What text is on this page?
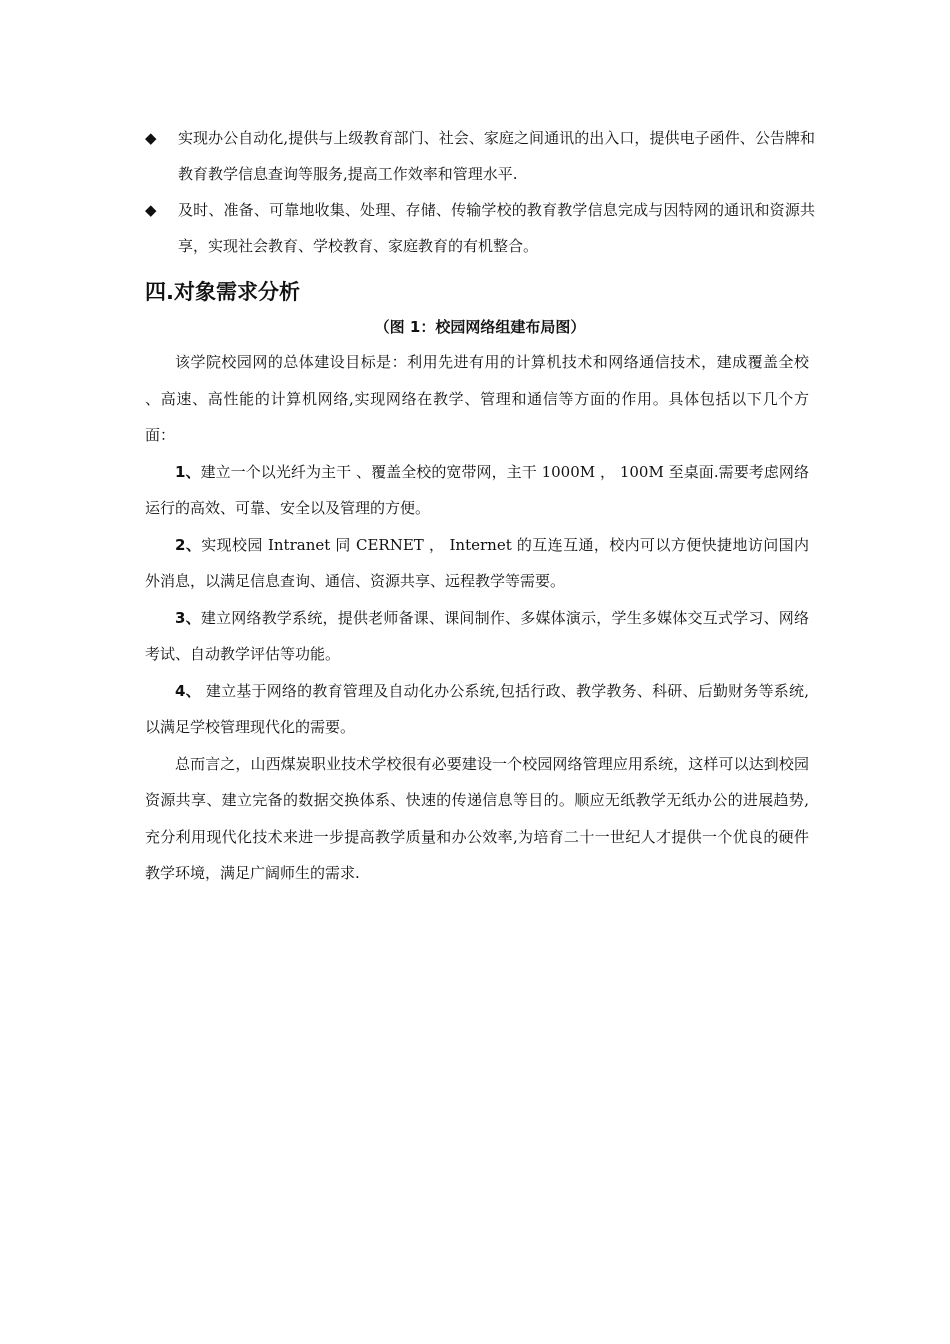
◆ 实现办公自动化,提供与上级教育部门、社会、家庭之间通讯的出入口，提供电子函件、公告牌和教育教学信息查询等服务,提高工作效率和管理水平.
◆ 及时、准备、可靠地收集、处理、存储、传输学校的教育教学信息完成与因特网的通讯和资源共享，实现社会教育、学校教育、家庭教育的有机整合。
四.对象需求分析
（图 1：校园网络组建布局图）
该学院校园网的总体建设目标是：利用先进有用的计算机技术和网络通信技术，建成覆盖全校 、高速、高性能的计算机网络,实现网络在教学、管理和通信等方面的作用。具体包括以下几个方面：
1、建立一个以光纤为主干 、覆盖全校的宽带网，主干 1000M ， 100M 至桌面.需要考虑网络运行的高效、可靠、安全以及管理的方便。
2、实现校园 Intranet 同 CERNET ， Internet 的互连互通，校内可以方便快捷地访问国内外消息，以满足信息查询、通信、资源共享、远程教学等需要。
3、建立网络教学系统，提供老师备课、课间制作、多媒体演示，学生多媒体交互式学习、网络考试、自动教学评估等功能。
4、 建立基于网络的教育管理及自动化办公系统,包括行政、教学教务、科研、后勤财务等系统,以满足学校管理现代化的需要。
总而言之，山西煤炭职业技术学校很有必要建设一个校园网络管理应用系统，这样可以达到校园资源共享、建立完备的数据交换体系、快速的传递信息等目的。顺应无纸教学无纸办公的进展趋势,充分利用现代化技术来进一步提高教学质量和办公效率,为培育二十一世纪人才提供一个优良的硬件教学环境，满足广阔师生的需求.
